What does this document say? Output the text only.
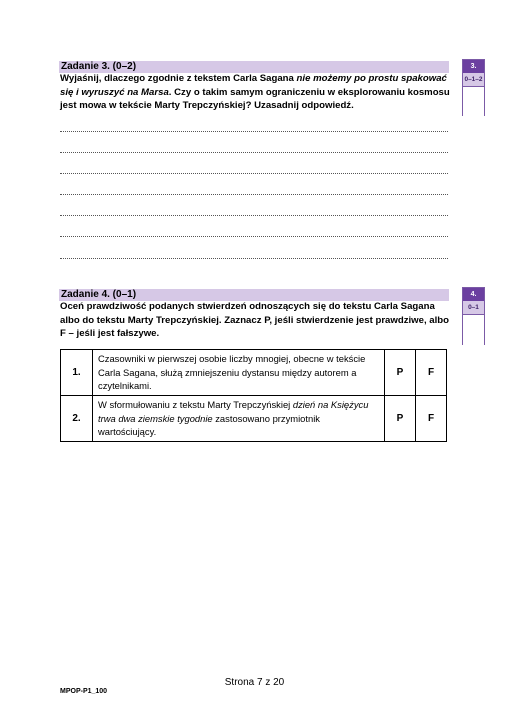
Zadanie 3. (0–2)
Wyjaśnij, dlaczego zgodnie z tekstem Carla Sagana nie możemy po prostu spakować się i wyruszyć na Marsa. Czy o takim samym ograniczeniu w eksplorowaniu kosmosu jest mowa w tekście Marty Trepczyńskiej? Uzasadnij odpowiedź.
3.
0–1–2
Zadanie 4. (0–1)
Oceń prawdziwość podanych stwierdzeń odnoszących się do tekstu Carla Sagana albo do tekstu Marty Trepczyńskiej. Zaznacz P, jeśli stwierdzenie jest prawdziwe, albo F – jeśli jest fałszywe.
4.
0–1
1.	Czasowniki w pierwszej osobie liczby mnogiej, obecne w tekście Carla Sagana, służą zmniejszeniu dystansu między autorem a czytelnikami.	P	F
2.	W sformułowaniu z tekstu Marty Trepczyńskiej dzień na Księżycu trwa dwa ziemskie tygodnie zastosowano przymiotnik wartościujący.	P	F
Strona 7 z 20
MPOP-P1_100
